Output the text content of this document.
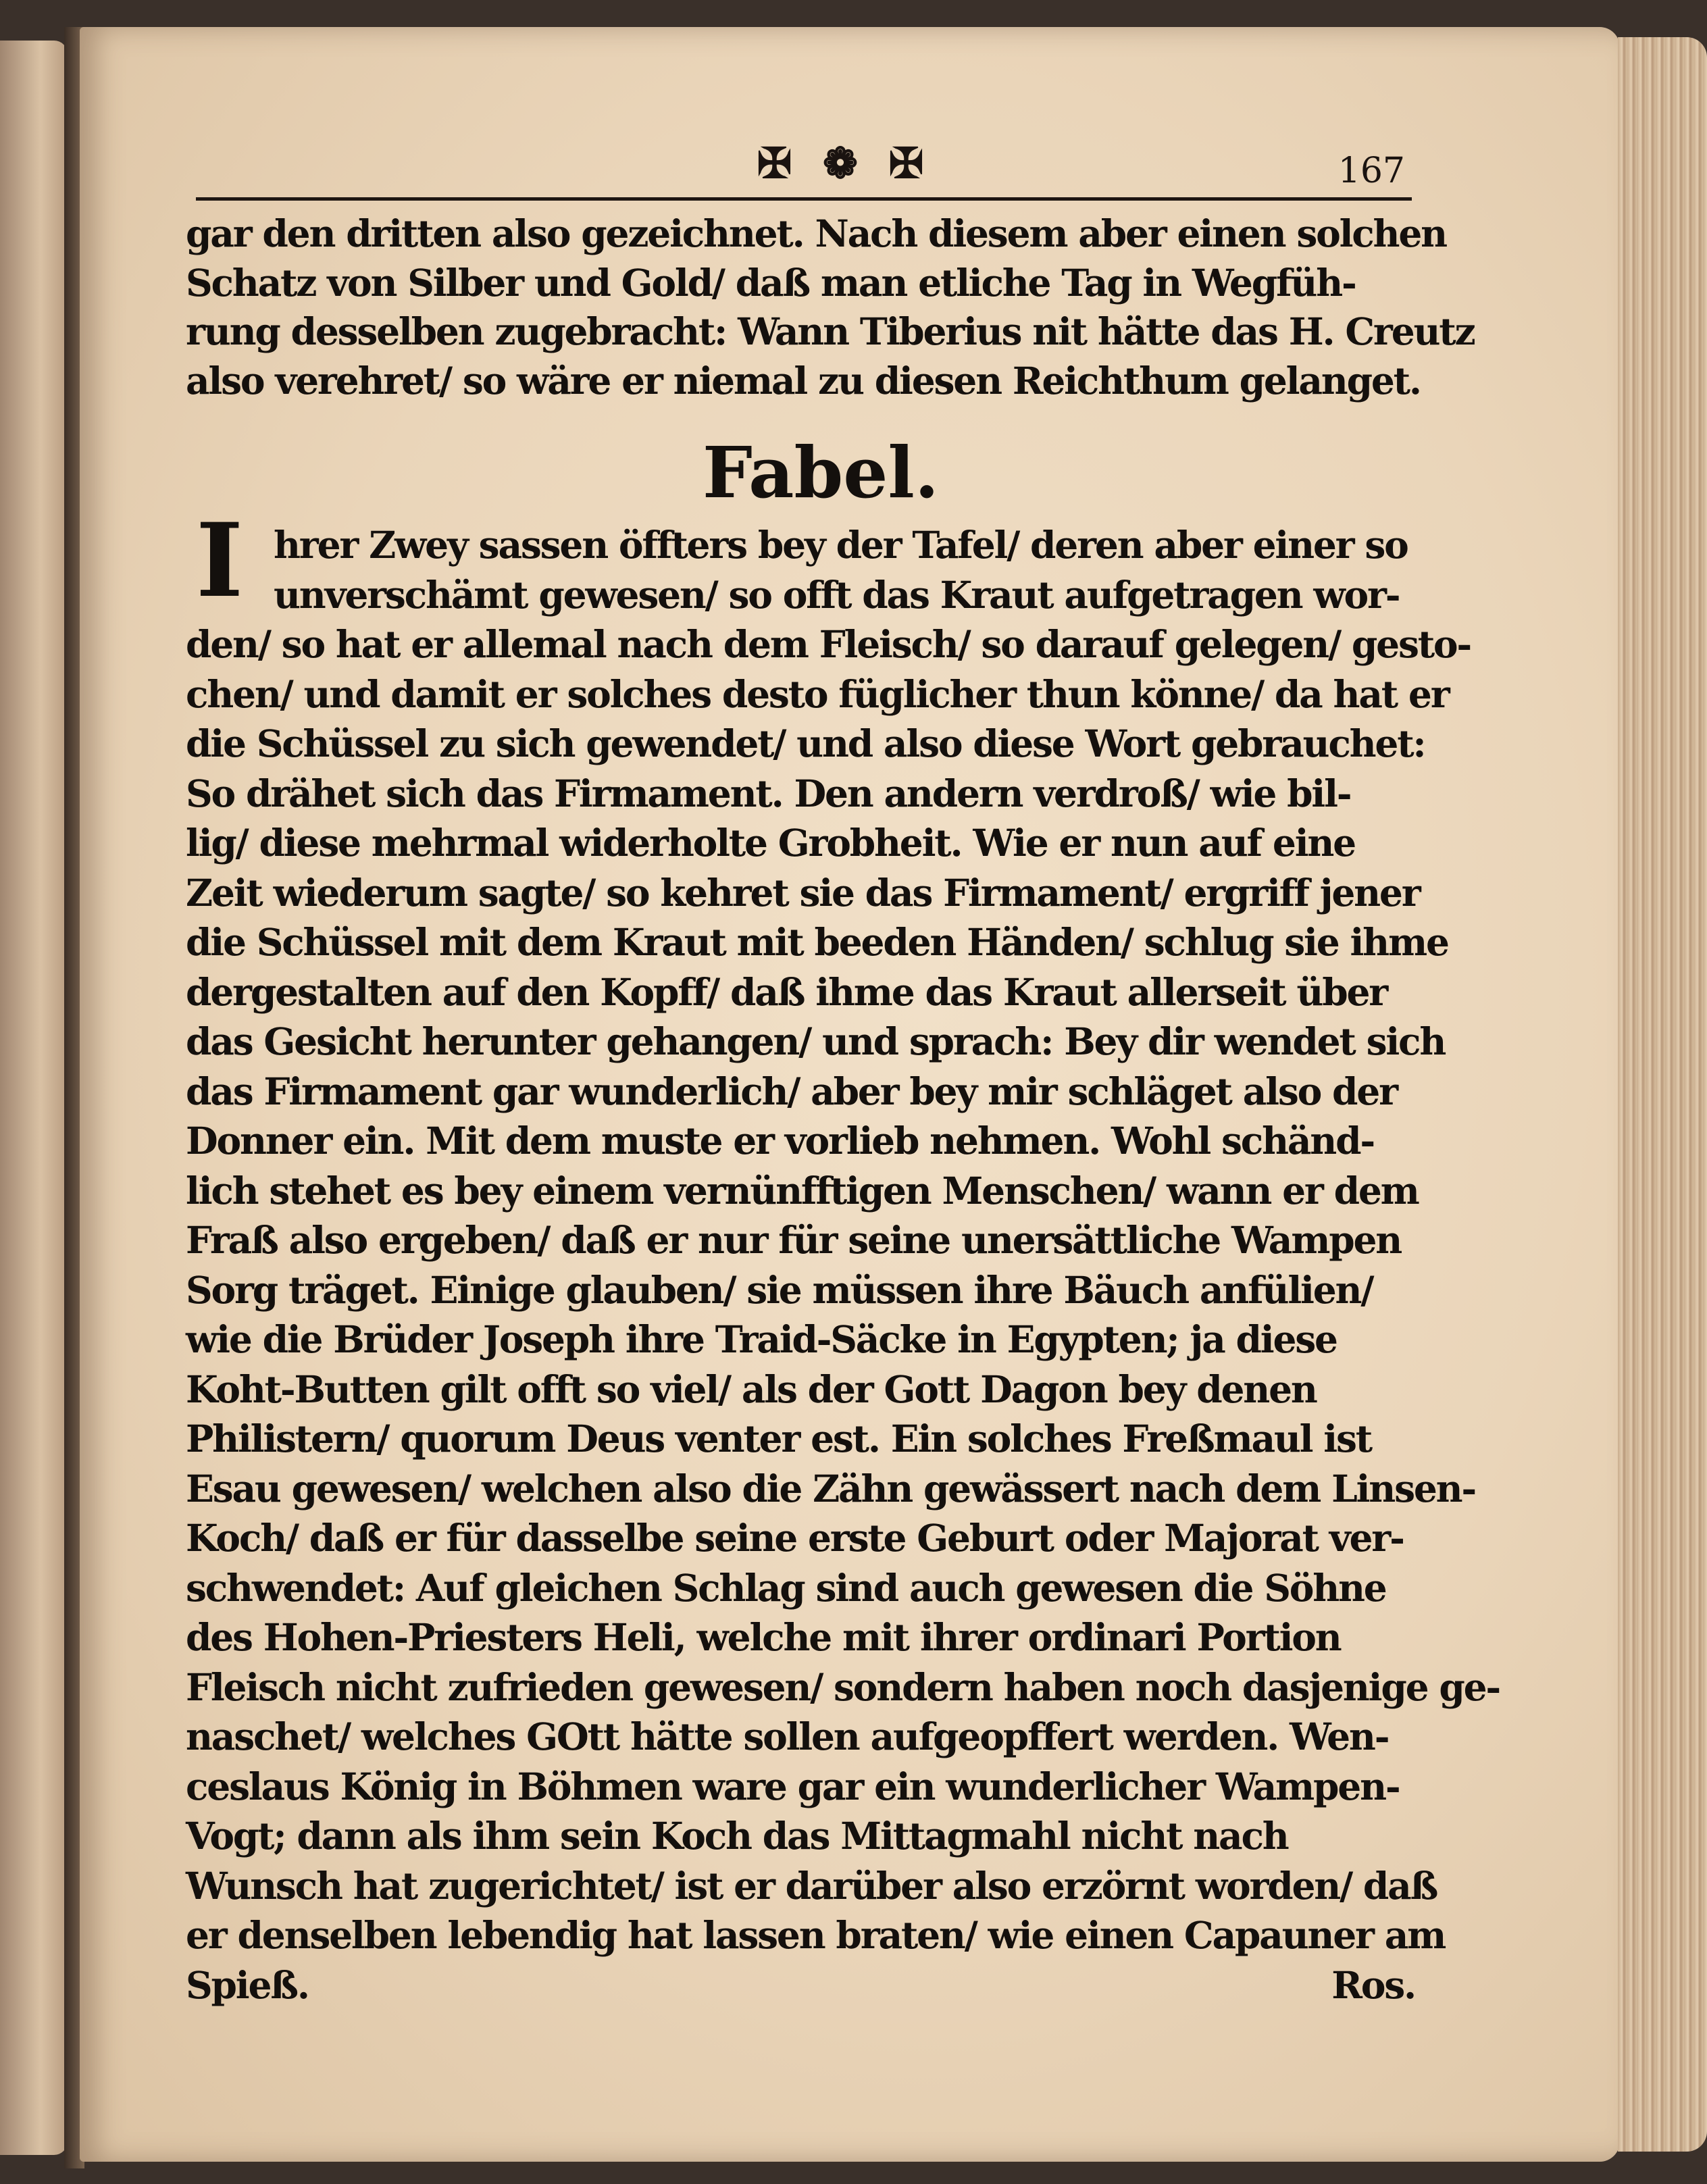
✠ ❁ ✠	167
gar den dritten also gezeichnet. Nach diesem aber einen solchen
Schatz von Silber und Gold/ daß man etliche Tag in Wegfüh-
rung desselben zugebracht: Wann Tiberius nit hätte das H. Creutz
also verehret/ so wäre er niemal zu diesen Reichthum gelanget.
Fabel.
I hrer Zwey sassen öffters bey der Tafel/ deren aber einer so
unverschämt gewesen/ so offt das Kraut aufgetragen wor-
den/ so hat er allemal nach dem Fleisch/ so darauf gelegen/ gesto-
chen/ und damit er solches desto füglicher thun könne/ da hat er
die Schüssel zu sich gewendet/ und also diese Wort gebrauchet:
So drähet sich das Firmament. Den andern verdroß/ wie bil-
lig/ diese mehrmal widerholte Grobheit. Wie er nun auf eine
Zeit wiederum sagte/ so kehret sie das Firmament/ ergriff jener
die Schüssel mit dem Kraut mit beeden Händen/ schlug sie ihme
dergestalten auf den Kopff/ daß ihme das Kraut allerseit über
das Gesicht herunter gehangen/ und sprach: Bey dir wendet sich
das Firmament gar wunderlich/ aber bey mir schläget also der
Donner ein. Mit dem muste er vorlieb nehmen. Wohl schänd-
lich stehet es bey einem vernünfftigen Menschen/ wann er dem
Fraß also ergeben/ daß er nur für seine unersättliche Wampen
Sorg träget. Einige glauben/ sie müssen ihre Bäuch anfülien/
wie die Brüder Joseph ihre Traid-Säcke in Egypten; ja diese
Koht-Butten gilt offt so viel/ als der Gott Dagon bey denen
Philistern/ quorum Deus venter est. Ein solches Freßmaul ist
Esau gewesen/ welchen also die Zähn gewässert nach dem Linsen-
Koch/ daß er für dasselbe seine erste Geburt oder Majorat ver-
schwendet: Auf gleichen Schlag sind auch gewesen die Söhne
des Hohen-Priesters Heli, welche mit ihrer ordinari Portion
Fleisch nicht zufrieden gewesen/ sondern haben noch dasjenige ge-
naschet/ welches GOtt hätte sollen aufgeopffert werden. Wen-
ceslaus König in Böhmen ware gar ein wunderlicher Wampen-
Vogt; dann als ihm sein Koch das Mittagmahl nicht nach
Wunsch hat zugerichtet/ ist er darüber also erzörnt worden/ daß
er denselben lebendig hat lassen braten/ wie einen Capauner am
Spieß.	Ros.
